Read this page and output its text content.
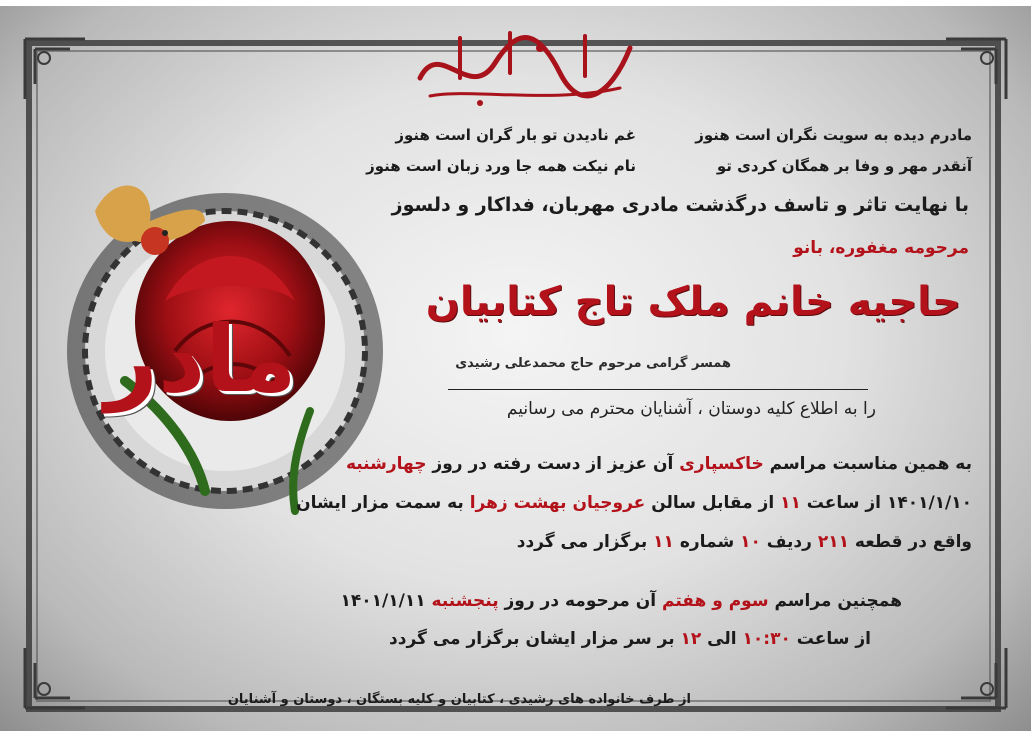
مادر
مادرم دیده به سویت نگران است هنوز
غم نادیدن تو بار گران است هنوز
آنقدر مهر و وفا بر همگان کردی تو
نام نیکت همه جا ورد زبان است هنوز
با نهایت تاثر و تاسف درگذشت مادری مهربان، فداکار و دلسوز
مرحومه مغفوره، بانو
حاجیه خانم ملک تاج کتابیان
همسر گرامی مرحوم حاج محمدعلی رشیدی
را به اطلاع کلیه دوستان ، آشنایان محترم می رسانیم
به همین مناسبت مراسم خاکسپاری آن عزیز از دست رفته در روز چهارشنبه
۱۴۰۱/۱/۱۰ از ساعت ۱۱ از مقابل سالن عروجیان بهشت زهرا به سمت مزار ایشان
واقع در قطعه ۲۱۱ ردیف ۱۰ شماره ۱۱ برگزار می گردد
همچنین مراسم سوم و هفتم آن مرحومه در روز پنجشنبه ۱۴۰۱/۱/۱۱
از ساعت ۱۰:۳۰ الی ۱۲ بر سر مزار ایشان برگزار می گردد
از طرف خانواده های رشیدی ، کتابیان و کلیه بستگان ، دوستان و آشنایان
